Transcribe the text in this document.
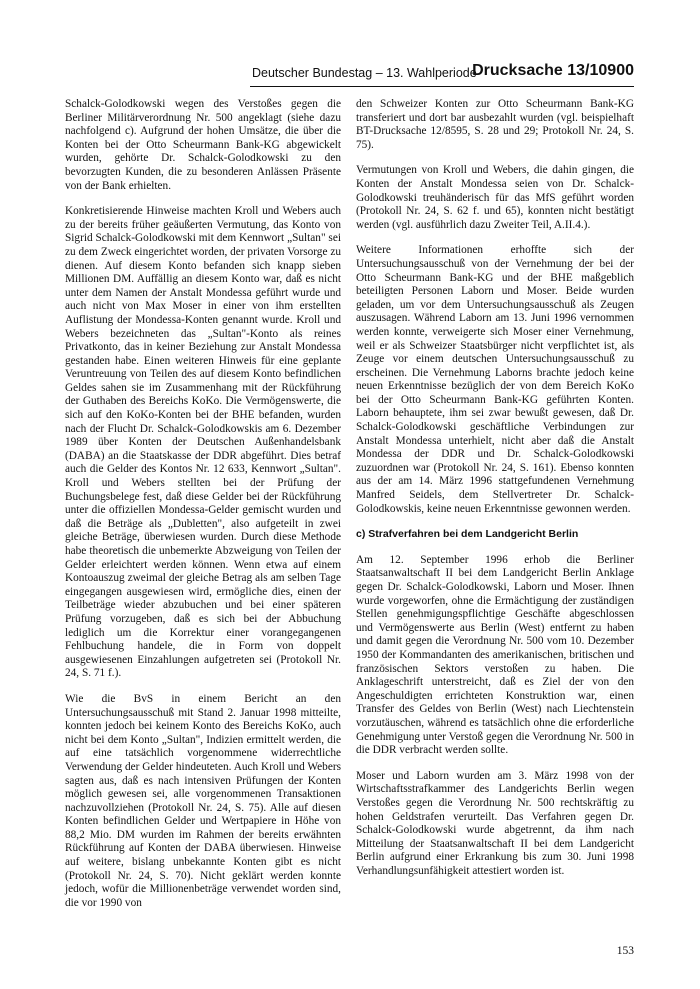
Deutscher Bundestag – 13. Wahlperiode
Drucksache 13/10900

Schalck-Golodkowski wegen des Verstoßes gegen die Berliner Militärverordnung Nr. 500 angeklagt (siehe dazu nachfolgend c). Aufgrund der hohen Umsätze, die über die Konten bei der Otto Scheurmann Bank-KG abgewickelt wurden, gehörte Dr. Schalck-Golodkowski zu den bevorzugten Kunden, die zu besonderen Anlässen Präsente von der Bank erhielten.

Konkretisierende Hinweise machten Kroll und Webers auch zu der bereits früher geäußerten Vermutung, das Konto von Sigrid Schalck-Golodkowski mit dem Kennwort „Sultan" sei zu dem Zweck eingerichtet worden, der privaten Vorsorge zu dienen. Auf diesem Konto befanden sich knapp sieben Millionen DM. Auffällig an diesem Konto war, daß es nicht unter dem Namen der Anstalt Mondessa geführt wurde und auch nicht von Max Moser in einer von ihm erstellten Auflistung der Mondessa-Konten genannt wurde. Kroll und Webers bezeichneten das „Sultan"-Konto als reines Privatkonto, das in keiner Beziehung zur Anstalt Mondessa gestanden habe. Einen weiteren Hinweis für eine geplante Veruntreuung von Teilen des auf diesem Konto befindlichen Geldes sahen sie im Zusammenhang mit der Rückführung der Guthaben des Bereichs KoKo. Die Vermögenswerte, die sich auf den KoKo-Konten bei der BHE befanden, wurden nach der Flucht Dr. Schalck-Golodkowskis am 6. Dezember 1989 über Konten der Deutschen Außenhandelsbank (DABA) an die Staatskasse der DDR abgeführt. Dies betraf auch die Gelder des Kontos Nr. 12 633, Kennwort „Sultan". Kroll und Webers stellten bei der Prüfung der Buchungsbelege fest, daß diese Gelder bei der Rückführung unter die offiziellen Mondessa-Gelder gemischt wurden und daß die Beträge als „Dubletten", also aufgeteilt in zwei gleiche Beträge, überwiesen wurden. Durch diese Methode habe theoretisch die unbemerkte Abzweigung von Teilen der Gelder erleichtert werden können. Wenn etwa auf einem Kontoauszug zweimal der gleiche Betrag als am selben Tage eingegangen ausgewiesen wird, ermögliche dies, einen der Teilbeträge wieder abzubuchen und bei einer späteren Prüfung vorzugeben, daß es sich bei der Abbuchung lediglich um die Korrektur einer vorangegangenen Fehlbuchung handele, die in Form von doppelt ausgewiesenen Einzahlungen aufgetreten sei (Protokoll Nr. 24, S. 71 f.).

Wie die BvS in einem Bericht an den Untersuchungsausschuß mit Stand 2. Januar 1998 mitteilte, konnten jedoch bei keinem Konto des Bereichs KoKo, auch nicht bei dem Konto „Sultan", Indizien ermittelt werden, die auf eine tatsächlich vorgenommene widerrechtliche Verwendung der Gelder hindeuteten. Auch Kroll und Webers sagten aus, daß es nach intensiven Prüfungen der Konten möglich gewesen sei, alle vorgenommenen Transaktionen nachzuvollziehen (Protokoll Nr. 24, S. 75). Alle auf diesen Konten befindlichen Gelder und Wertpapiere in Höhe von 88,2 Mio. DM wurden im Rahmen der bereits erwähnten Rückführung auf Konten der DABA überwiesen. Hinweise auf weitere, bislang unbekannte Konten gibt es nicht (Protokoll Nr. 24, S. 70). Nicht geklärt werden konnte jedoch, wofür die Millionenbeträge verwendet worden sind, die vor 1990 von

den Schweizer Konten zur Otto Scheurmann Bank-KG transferiert und dort bar ausbezahlt wurden (vgl. beispielhaft BT-Drucksache 12/8595, S. 28 und 29; Protokoll Nr. 24, S. 75).

Vermutungen von Kroll und Webers, die dahin gingen, die Konten der Anstalt Mondessa seien von Dr. Schalck-Golodkowski treuhänderisch für das MfS geführt worden (Protokoll Nr. 24, S. 62 f. und 65), konnten nicht bestätigt werden (vgl. ausführlich dazu Zweiter Teil, A.II.4.).

Weitere Informationen erhoffte sich der Untersuchungsausschuß von der Vernehmung der bei der Otto Scheurmann Bank-KG und der BHE maßgeblich beteiligten Personen Laborn und Moser. Beide wurden geladen, um vor dem Untersuchungsausschuß als Zeugen auszusagen. Während Laborn am 13. Juni 1996 vernommen werden konnte, verweigerte sich Moser einer Vernehmung, weil er als Schweizer Staatsbürger nicht verpflichtet ist, als Zeuge vor einem deutschen Untersuchungsausschuß zu erscheinen. Die Vernehmung Laborns brachte jedoch keine neuen Erkenntnisse bezüglich der von dem Bereich KoKo bei der Otto Scheurmann Bank-KG geführten Konten. Laborn behauptete, ihm sei zwar bewußt gewesen, daß Dr. Schalck-Golodkowski geschäftliche Verbindungen zur Anstalt Mondessa unterhielt, nicht aber daß die Anstalt Mondessa der DDR und Dr. Schalck-Golodkowski zuzuordnen war (Protokoll Nr. 24, S. 161). Ebenso konnten aus der am 14. März 1996 stattgefundenen Vernehmung Manfred Seidels, dem Stellvertreter Dr. Schalck-Golodkowskis, keine neuen Erkenntnisse gewonnen werden.

c) Strafverfahren bei dem Landgericht Berlin

Am 12. September 1996 erhob die Berliner Staatsanwaltschaft II bei dem Landgericht Berlin Anklage gegen Dr. Schalck-Golodkowski, Laborn und Moser. Ihnen wurde vorgeworfen, ohne die Ermächtigung der zuständigen Stellen genehmigungspflichtige Geschäfte abgeschlossen und Vermögenswerte aus Berlin (West) entfernt zu haben und damit gegen die Verordnung Nr. 500 vom 10. Dezember 1950 der Kommandanten des amerikanischen, britischen und französischen Sektors verstoßen zu haben. Die Anklageschrift unterstreicht, daß es Ziel der von den Angeschuldigten errichteten Konstruktion war, einen Transfer des Geldes von Berlin (West) nach Liechtenstein vorzutäuschen, während es tatsächlich ohne die erforderliche Genehmigung unter Verstoß gegen die Verordnung Nr. 500 in die DDR verbracht werden sollte.

Moser und Laborn wurden am 3. März 1998 von der Wirtschaftsstrafkammer des Landgerichts Berlin wegen Verstoßes gegen die Verordnung Nr. 500 rechtskräftig zu hohen Geldstrafen verurteilt. Das Verfahren gegen Dr. Schalck-Golodkowski wurde abgetrennt, da ihm nach Mitteilung der Staatsanwaltschaft II bei dem Landgericht Berlin aufgrund einer Erkrankung bis zum 30. Juni 1998 Verhandlungsunfähigkeit attestiert worden ist.

153
